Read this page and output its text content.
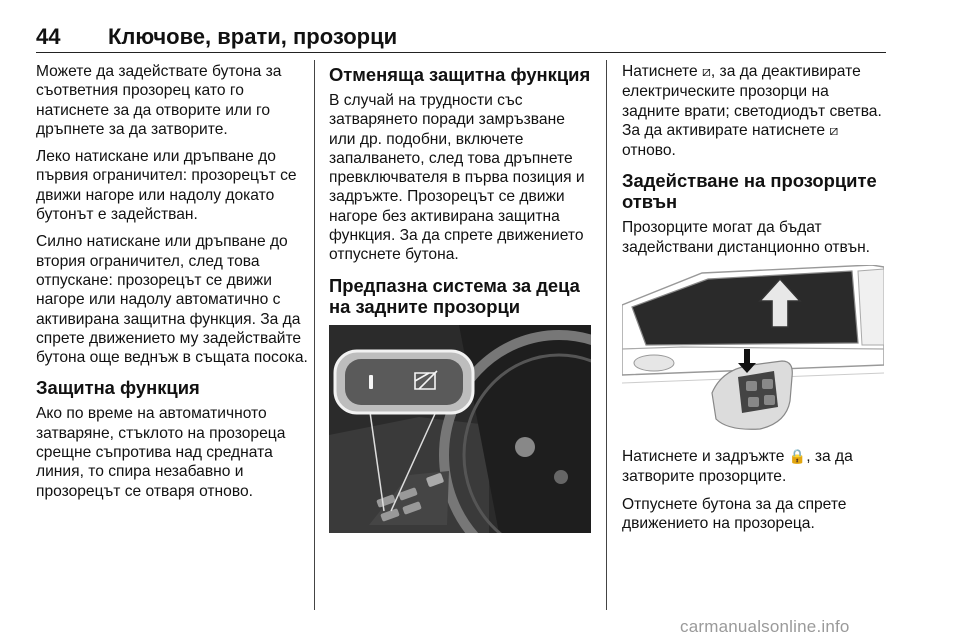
44 Ключове, врати, прозорци

Можете да задействате бутона за съответния прозорец като го натиснете за да отворите или го дръпнете за да затворите.

Леко натискане или дръпване до първия ограничител: прозорецът се движи нагоре или надолу докато бутонът е задействан.

Силно натискане или дръпване до втория ограничител, след това отпускане: прозорецът се движи нагоре или надолу автоматично с активирана защитна функция. За да спрете движението му задействайте бутона още веднъж в същата посока.

Защитна функция

Ако по време на автоматичното затваряне, стъклото на прозореца срещне съпротива над средната линия, то спира незабавно и прозорецът се отваря отново.

Отменяща защитна функция

В случай на трудности със затварянето поради замръзване или др. подобни, включете запалването, след това дръпнете превключвателя в първа позиция и задръжте. Прозорецът се движи нагоре без активирана защитна функция. За да спрете движението отпуснете бутона.

Предпазна система за деца на задните прозорци

Натиснете ⧄, за да деактивирате електрическите прозорци на задните врати; светодиодът светва. За да активирате натиснете ⧄ отново.

Задействане на прозорците отвън

Прозорците могат да бъдат задействани дистанционно отвън.

Натиснете и задръжте 🔒, за да затворите прозорците.

Отпуснете бутона за да спрете движението на прозореца.

carmanualsonline.info
